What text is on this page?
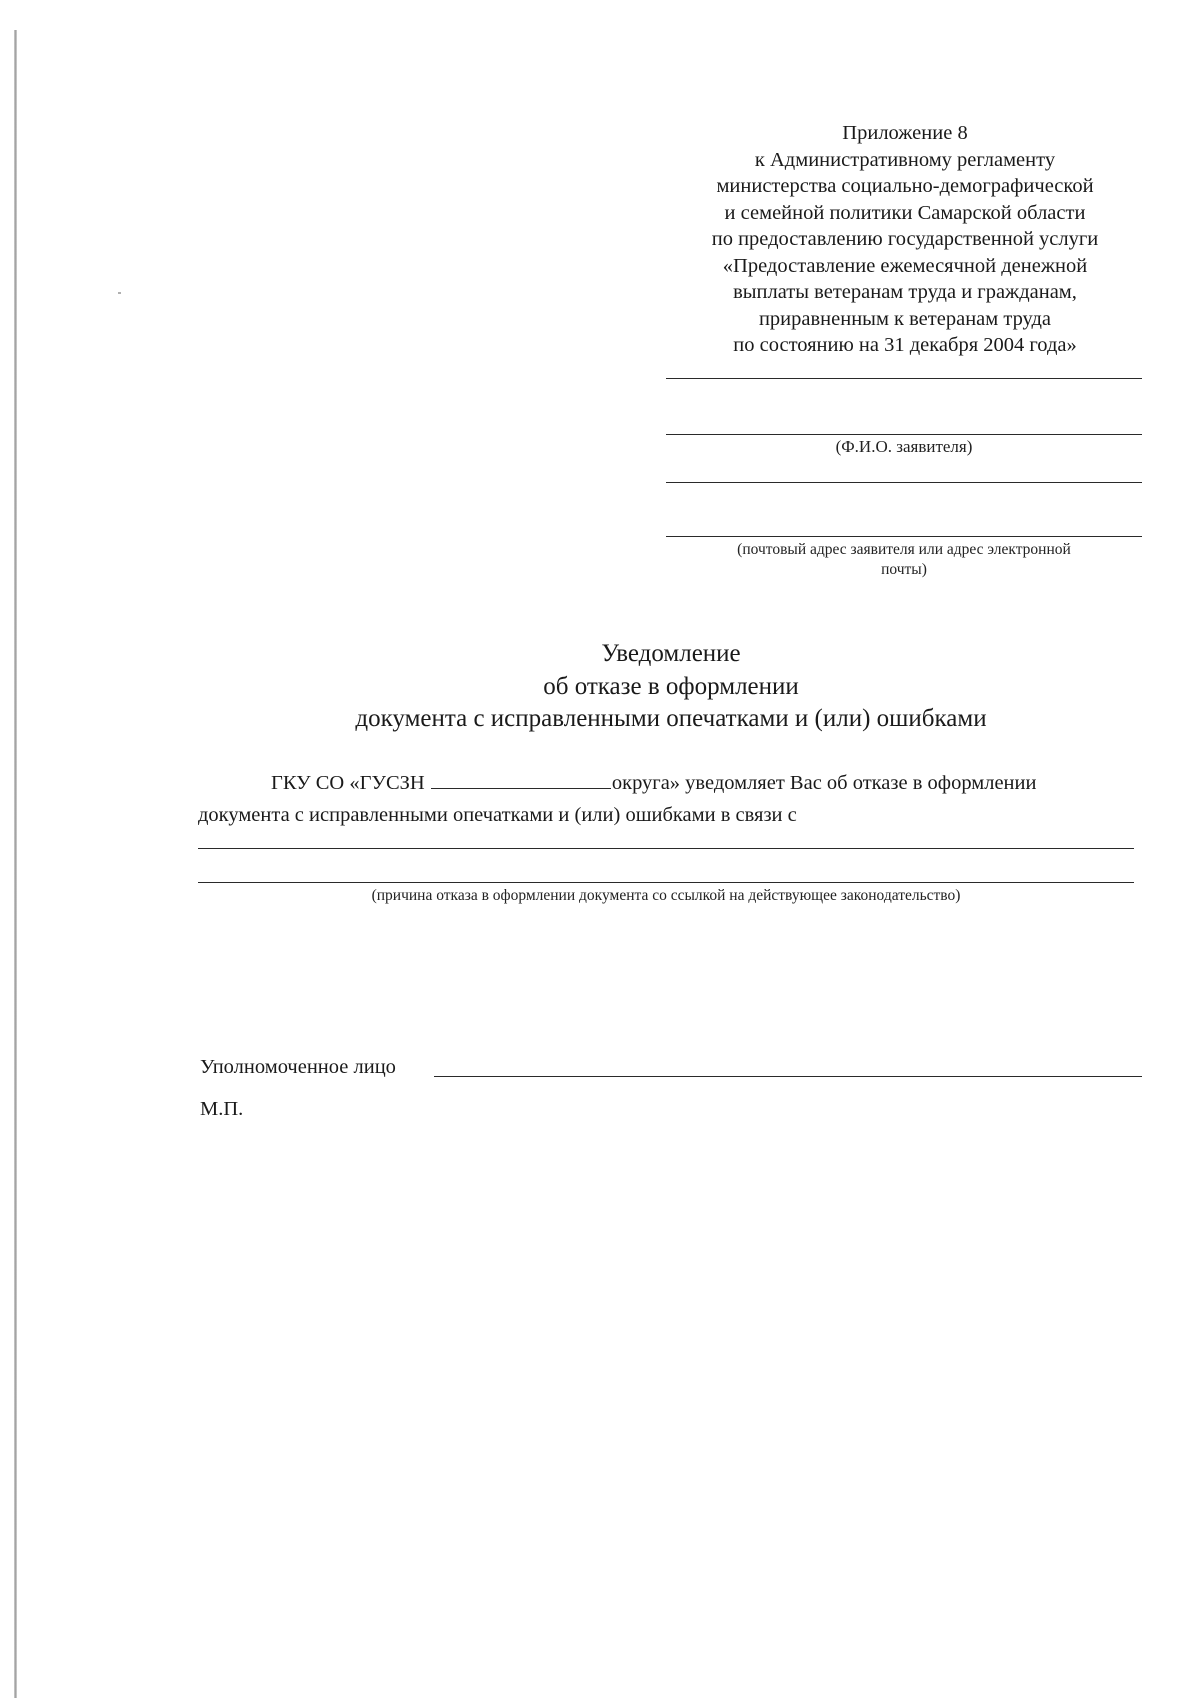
Приложение 8
к Административному регламенту
министерства социально-демографической
и семейной политики Самарской области
по предоставлению государственной услуги
«Предоставление ежемесячной денежной
выплаты ветеранам труда и гражданам,
приравненным к ветеранам труда
по состоянию на 31 декабря 2004 года»
(Ф.И.О. заявителя)
(почтовый адрес заявителя или адрес электронной
почты)
Уведомление
об отказе в оформлении
документа с исправленными опечатками и (или) ошибками
ГКУ СО «ГУСЗН	округа» уведомляет Вас об отказе в оформлении
документа с исправленными опечатками и (или) ошибками в связи с
(причина отказа в оформлении документа со ссылкой на действующее законодательство)
Уполномоченное лицо
М.П.
